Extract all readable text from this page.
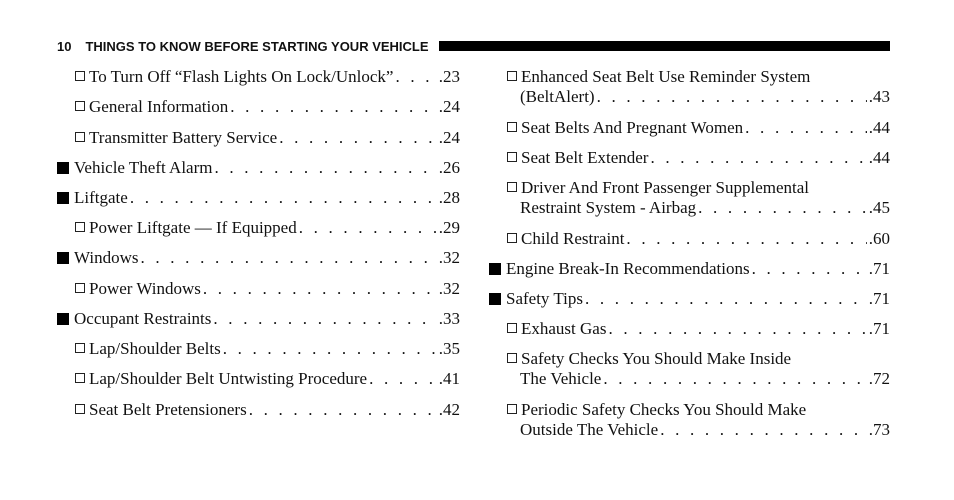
10 THINGS TO KNOW BEFORE STARTING YOUR VEHICLE
To Turn Off “Flash Lights On Lock/Unlock” . . .	.23
General Information . . .	.24
Transmitter Battery Service . . .	.24
Vehicle Theft Alarm . . .	.26
Liftgate . . .	.28
Power Liftgate — If Equipped . . .	.29
Windows . . .	.32
Power Windows . . .	.32
Occupant Restraints . . .	.33
Lap/Shoulder Belts . . .	.35
Lap/Shoulder Belt Untwisting Procedure . . .	.41
Seat Belt Pretensioners . . .	.42
Enhanced Seat Belt Use Reminder System
(BeltAlert) . . .	.43
Seat Belts And Pregnant Women . . .	.44
Seat Belt Extender . . .	.44
Driver And Front Passenger Supplemental
Restraint System - Airbag . . .	.45
Child Restraint . . .	.60
Engine Break-In Recommendations . . .	.71
Safety Tips . . .	.71
Exhaust Gas . . .	.71
Safety Checks You Should Make Inside
The Vehicle . . .	.72
Periodic Safety Checks You Should Make
Outside The Vehicle . . .	.73
